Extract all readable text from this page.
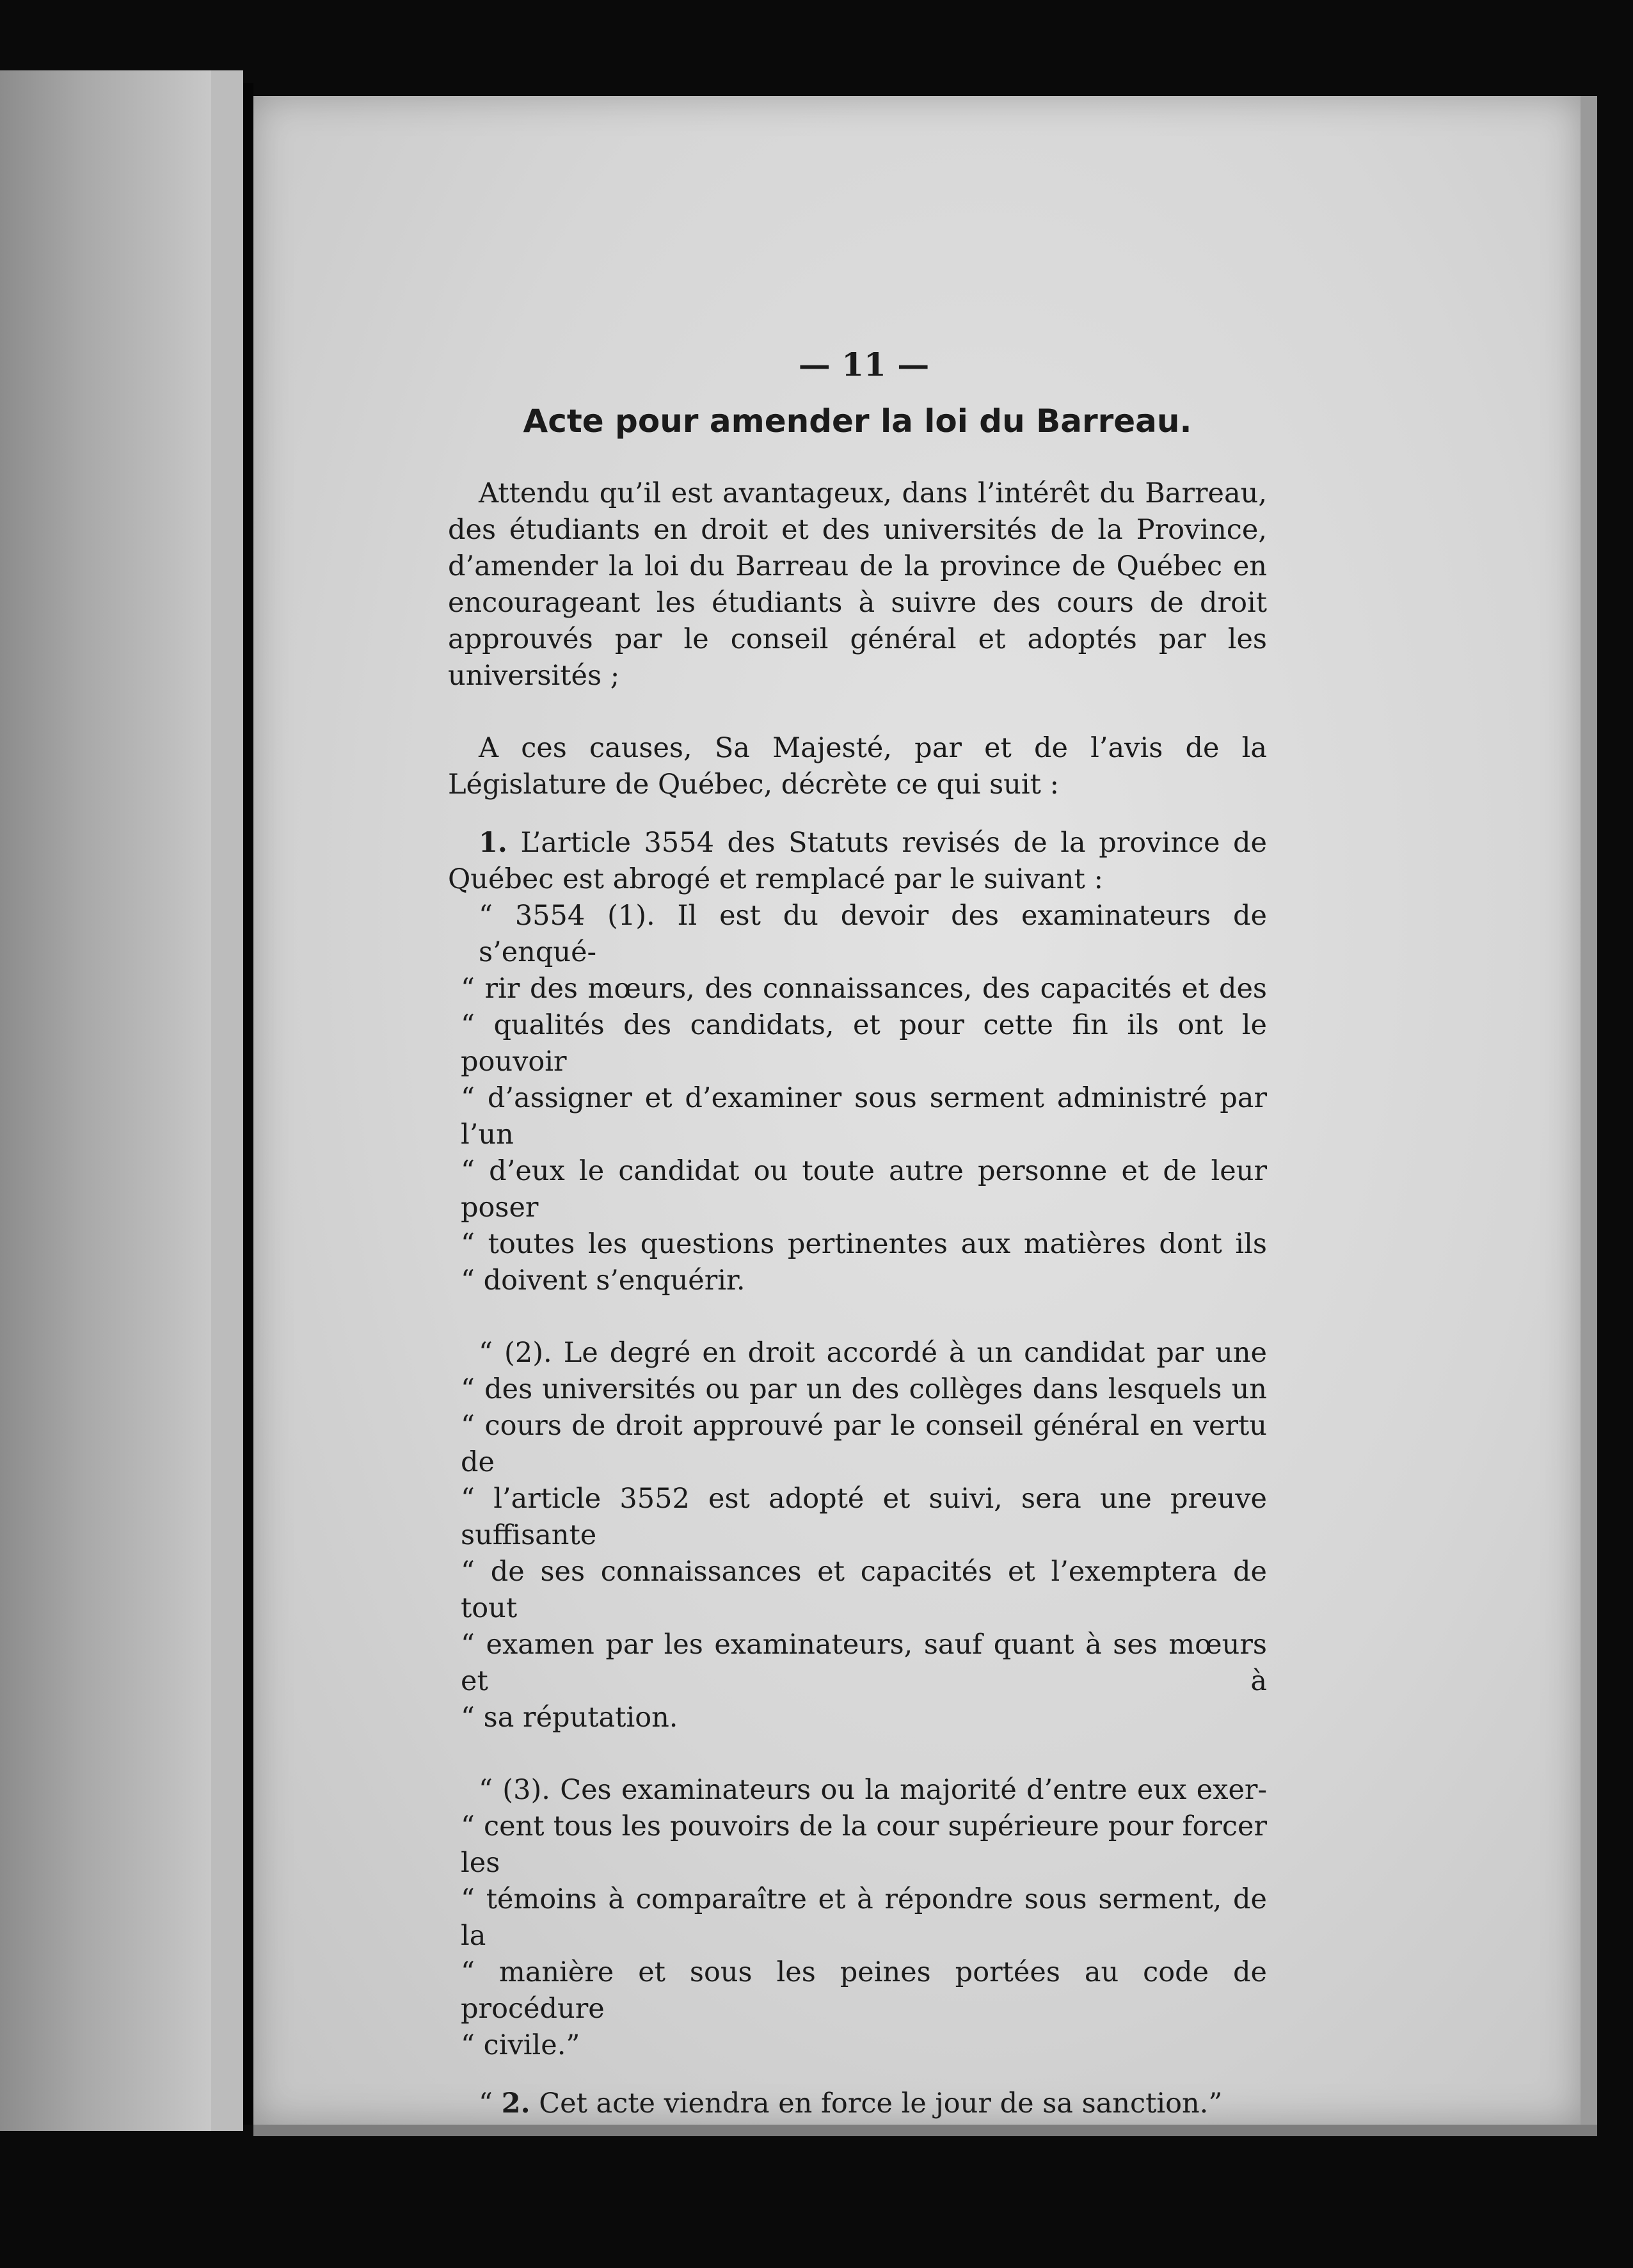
— 11 —
Acte pour amender la loi du Barreau.

Attendu qu’il est avantageux, dans l’intérêt du Barreau, des étudiants en droit et des universités de la Province, d’amender la loi du Barreau de la province de Québec en encourageant les étudiants à suivre des cours de droit approuvés par le conseil général et adoptés par les universités ;

A ces causes, Sa Majesté, par et de l’avis de la Législature de Québec, décrète ce qui suit :

1. L’article 3554 des Statuts revisés de la province de Québec est abrogé et remplacé par le suivant :

“ 3554 (1). Il est du devoir des examinateurs de s’enqué-
“ rir des mœurs, des connaissances, des capacités et des
“ qualités des candidats, et pour cette fin ils ont le pouvoir
“ d’assigner et d’examiner sous serment administré par l’un
“ d’eux le candidat ou toute autre personne et de leur poser
“ toutes les questions pertinentes aux matières dont ils
“ doivent s’enquérir.

“ (2). Le degré en droit accordé à un candidat par une
“ des universités ou par un des collèges dans lesquels un
“ cours de droit approuvé par le conseil général en vertu de
“ l’article 3552 est adopté et suivi, sera une preuve suffisante
“ de ses connaissances et capacités et l’exemptera de tout
“ examen par les examinateurs, sauf quant à ses mœurs et à
“ sa réputation.

“ (3). Ces examinateurs ou la majorité d’entre eux exer-
“ cent tous les pouvoirs de la cour supérieure pour forcer les
“ témoins à comparaître et à répondre sous serment, de la
“ manière et sous les peines portées au code de procédure
“ civile.”

“ 2. Cet acte viendra en force le jour de sa sanction.”
